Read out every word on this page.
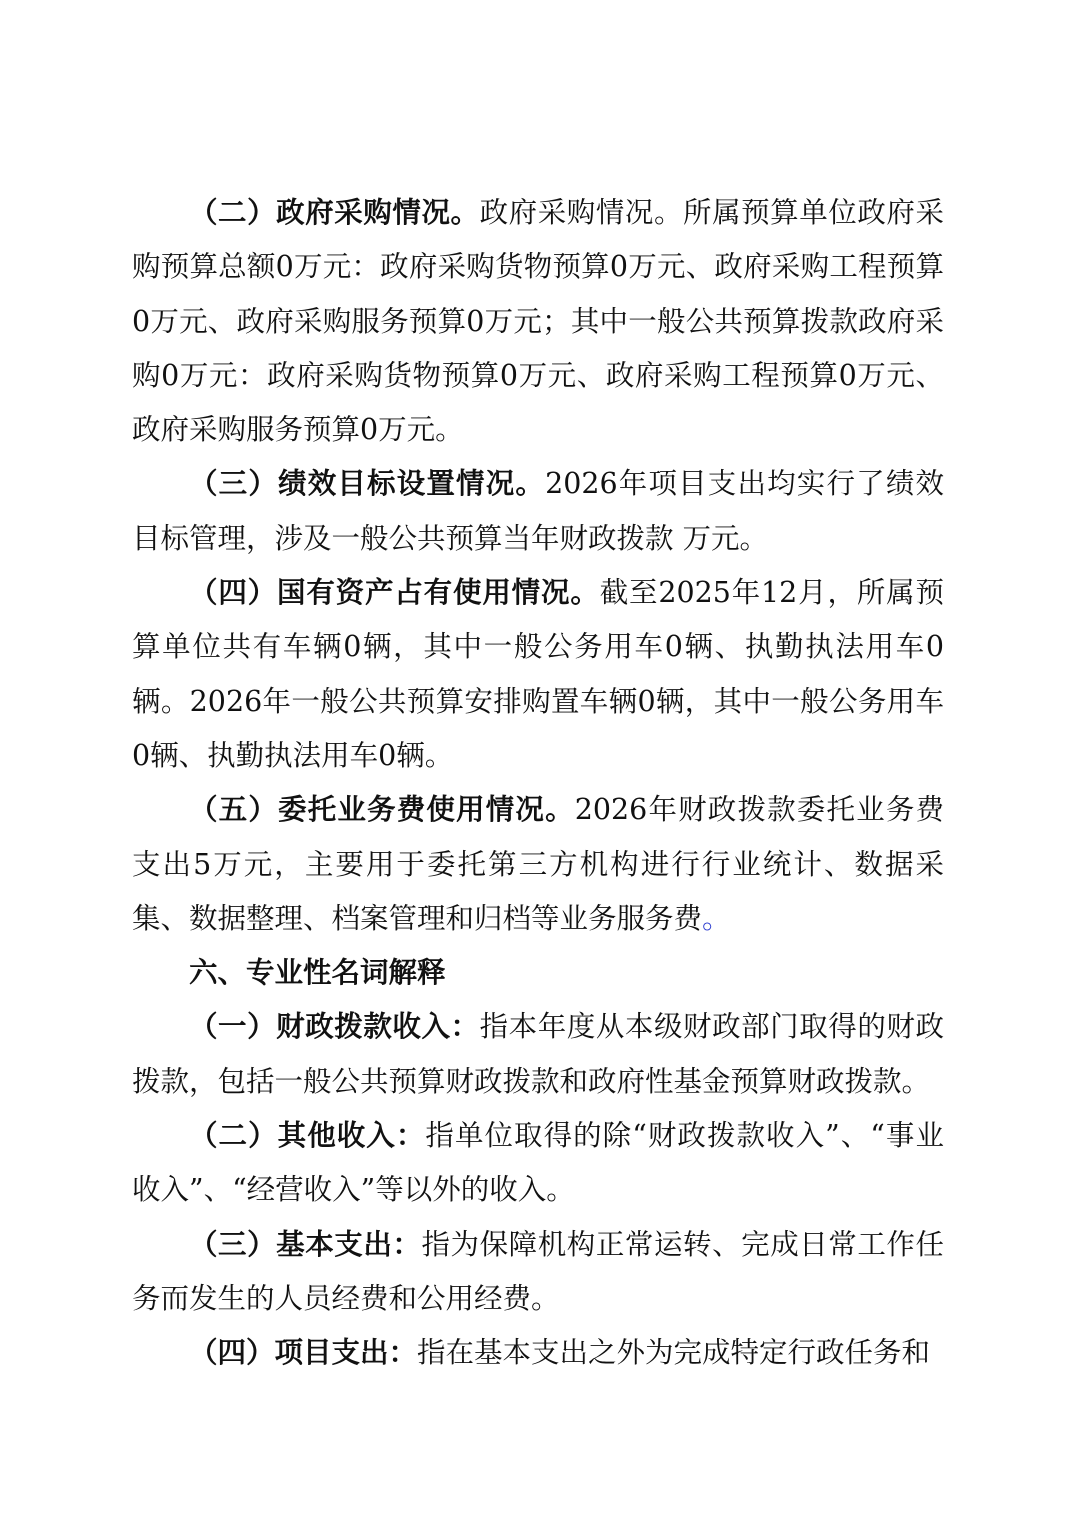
（二）政府采购情况。政府采购情况。所属预算单位政府采购预算总额0万元：政府采购货物预算0万元、政府采购工程预算0万元、政府采购服务预算0万元；其中一般公共预算拨款政府采购0万元：政府采购货物预算0万元、政府采购工程预算0万元、政府采购服务预算0万元。

（三）绩效目标设置情况。2026年项目支出均实行了绩效目标管理，涉及一般公共预算当年财政拨款 万元。

（四）国有资产占有使用情况。截至2025年12月，所属预算单位共有车辆0辆，其中一般公务用车0辆、执勤执法用车0辆。2026年一般公共预算安排购置车辆0辆，其中一般公务用车0辆、执勤执法用车0辆。

（五）委托业务费使用情况。2026年财政拨款委托业务费支出5万元，主要用于委托第三方机构进行行业统计、数据采集、数据整理、档案管理和归档等业务服务费。

六、专业性名词解释

（一）财政拨款收入：指本年度从本级财政部门取得的财政拨款，包括一般公共预算财政拨款和政府性基金预算财政拨款。

（二）其他收入：指单位取得的除“财政拨款收入”、“事业收入”、“经营收入”等以外的收入。

（三）基本支出：指为保障机构正常运转、完成日常工作任务而发生的人员经费和公用经费。

（四）项目支出：指在基本支出之外为完成特定行政任务和
